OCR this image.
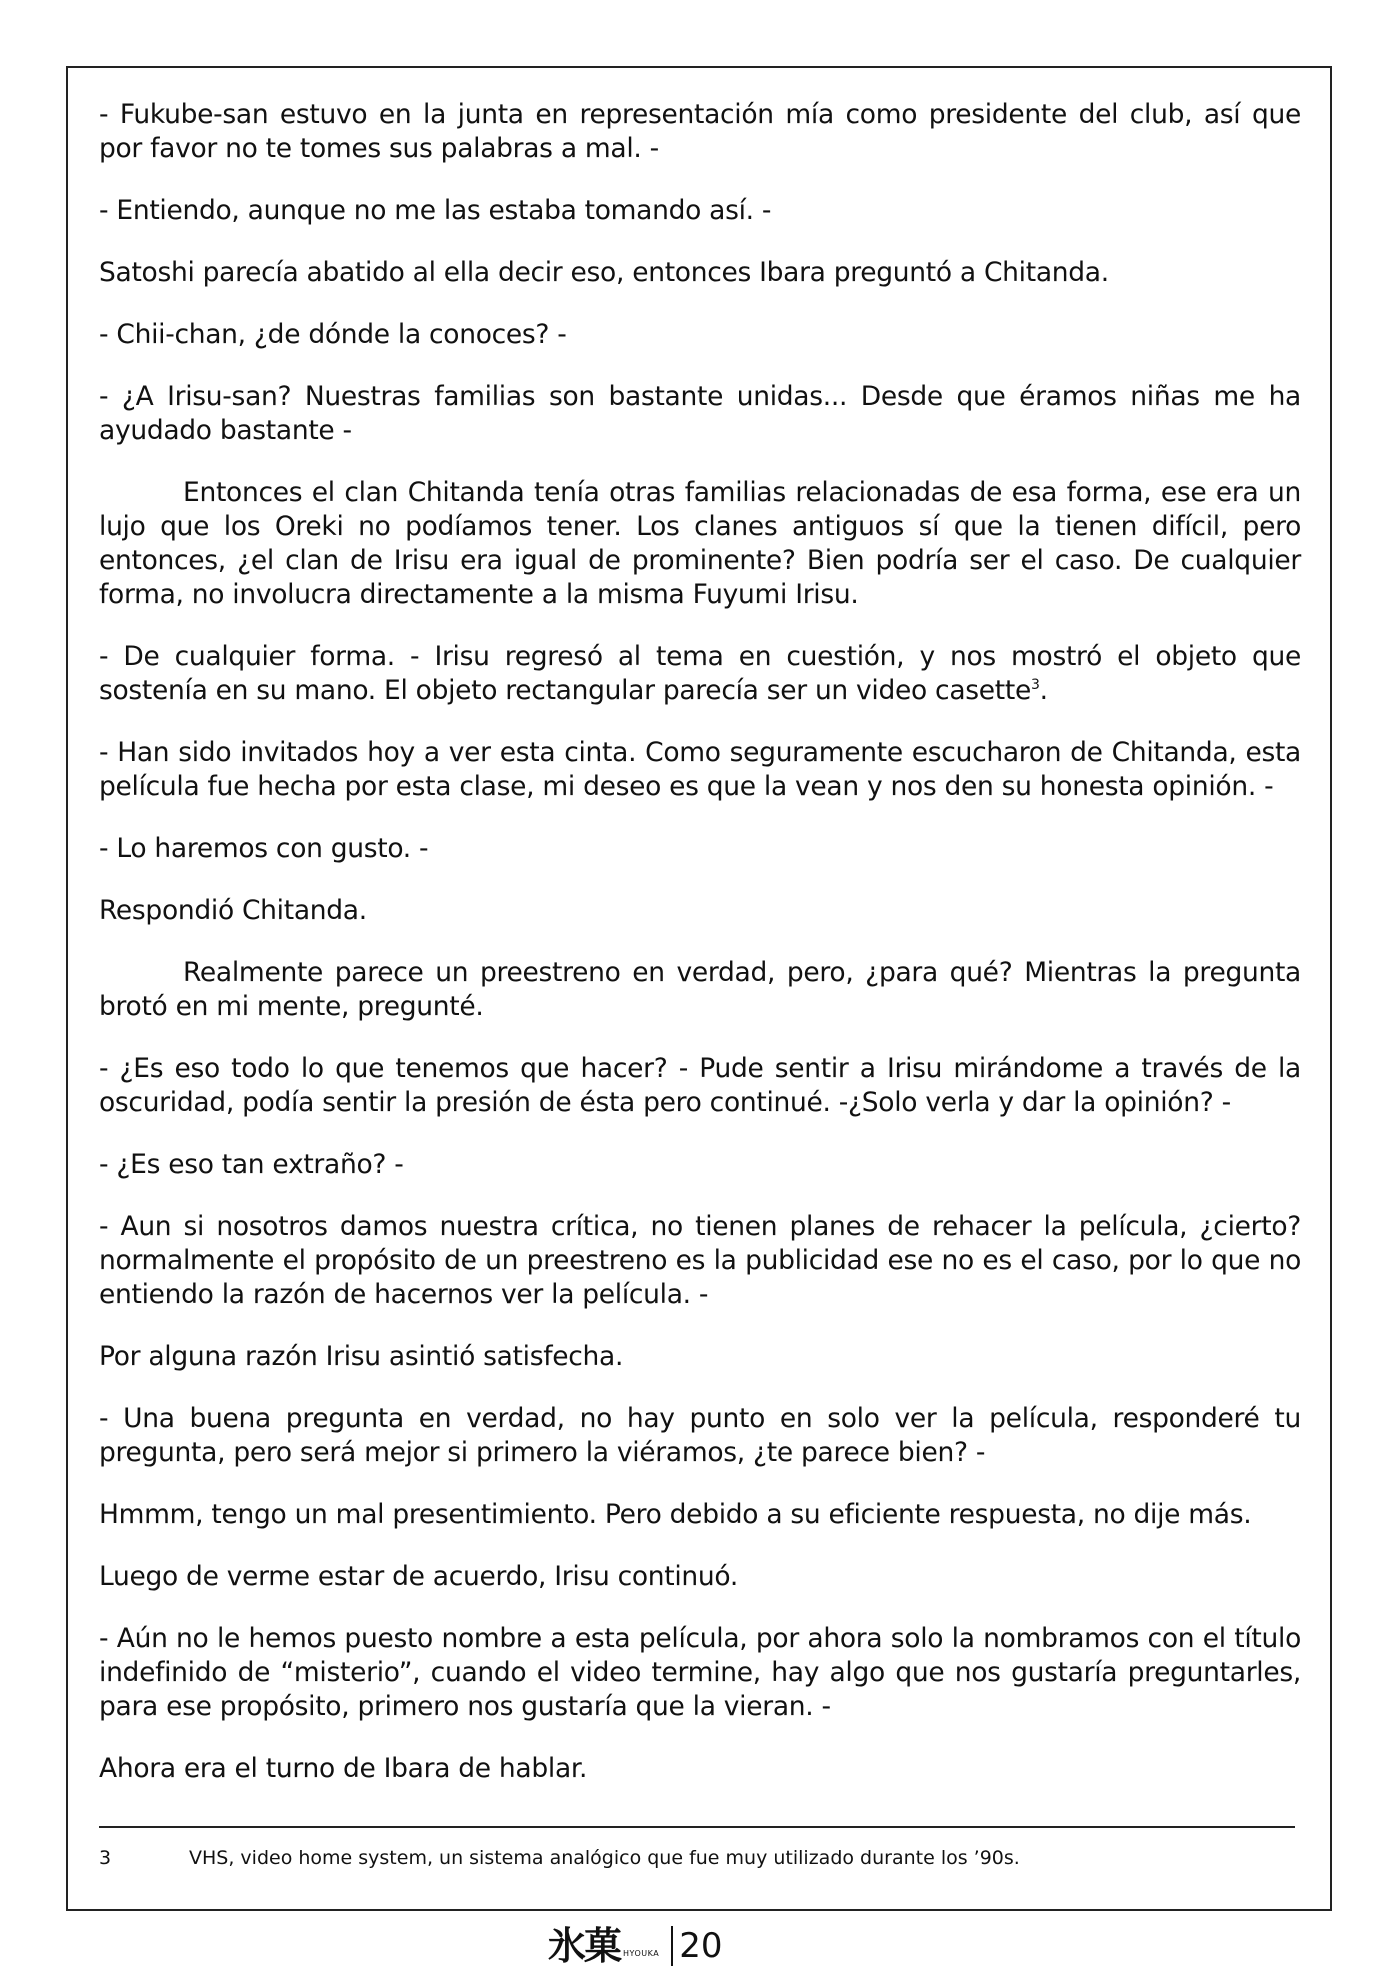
- Fukube-san estuvo en la junta en representación mía como presidente del club, así que por favor no te tomes sus palabras a mal. -

- Entiendo, aunque no me las estaba tomando así. -

Satoshi parecía abatido al ella decir eso, entonces Ibara preguntó a Chitanda.

- Chii-chan, ¿de dónde la conoces? -

- ¿A Irisu-san? Nuestras familias son bastante unidas... Desde que éramos niñas me ha ayudado bastante -

Entonces el clan Chitanda tenía otras familias relacionadas de esa forma, ese era un lujo que los Oreki no podíamos tener. Los clanes antiguos sí que la tienen difícil, pero entonces, ¿el clan de Irisu era igual de prominente? Bien podría ser el caso. De cualquier forma, no involucra directamente a la misma Fuyumi Irisu.

- De cualquier forma. - Irisu regresó al tema en cuestión, y nos mostró el objeto que sostenía en su mano. El objeto rectangular parecía ser un video casette$^3$.

- Han sido invitados hoy a ver esta cinta. Como seguramente escucharon de Chitanda, esta película fue hecha por esta clase, mi deseo es que la vean y nos den su honesta opinión. -

- Lo haremos con gusto. -

Respondió Chitanda.

Realmente parece un preestreno en verdad, pero, ¿para qué? Mientras la pregunta brotó en mi mente, pregunté.

- ¿Es eso todo lo que tenemos que hacer? - Pude sentir a Irisu mirándome a través de la oscuridad, podía sentir la presión de ésta pero continué. -¿Solo verla y dar la opinión? -

- ¿Es eso tan extraño? -

- Aun si nosotros damos nuestra crítica, no tienen planes de rehacer la película, ¿cierto? normalmente el propósito de un preestreno es la publicidad ese no es el caso, por lo que no entiendo la razón de hacernos ver la película. -

Por alguna razón Irisu asintió satisfecha.

- Una buena pregunta en verdad, no hay punto en solo ver la película, responderé tu pregunta, pero será mejor si primero la viéramos, ¿te parece bien? -

Hmmm, tengo un mal presentimiento. Pero debido a su eficiente respuesta, no dije más.

Luego de verme estar de acuerdo, Irisu continuó.

- Aún no le hemos puesto nombre a esta película, por ahora solo la nombramos con el título indefinido de “misterio”, cuando el video termine, hay algo que nos gustaría preguntarles, para ese propósito, primero nos gustaría que la vieran. -

Ahora era el turno de Ibara de hablar.

3	VHS, video home system, un sistema analógico que fue muy utilizado durante los ’90s.
氷菓 HYOUKA 20
